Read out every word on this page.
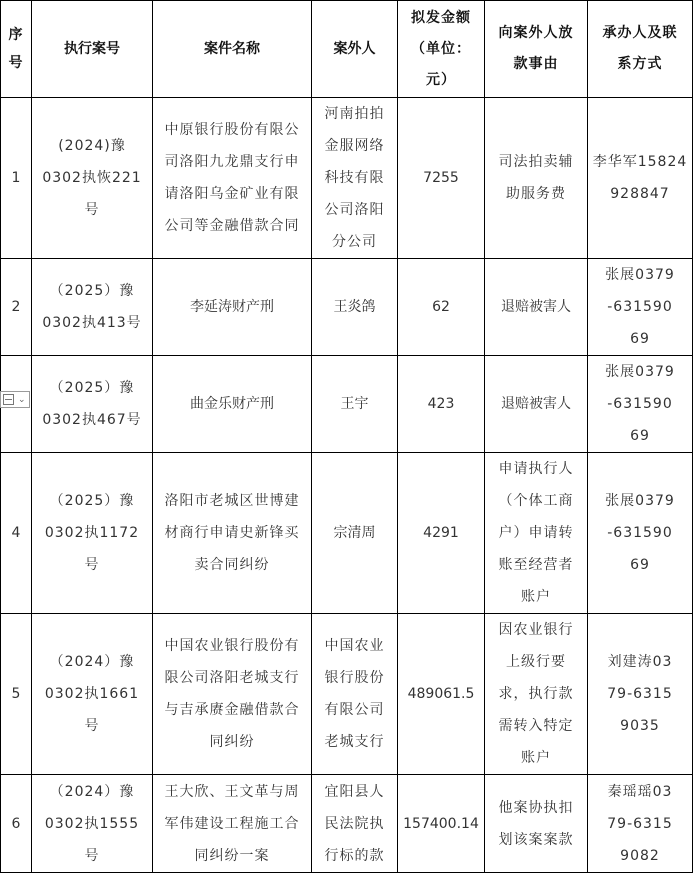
序号	执行案号	案件名称	案外人	拟发金额（单位：元）	向案外人放款事由	承办人及联系方式

1	(2024)豫0302执恢221号	中原银行股份有限公司洛阳九龙鼎支行申请洛阳乌金矿业有限公司等金融借款合同	河南拍拍金服网络科技有限公司洛阳分公司	7255	司法拍卖辅助服务费	李华军15824928847

2	（2025）豫0302执413号	李延涛财产刑	王炎鸽	62	退赔被害人	张展0379-63159069

	（2025）豫0302执467号	曲金乐财产刑	王宇	423	退赔被害人	张展0379-63159069

4	（2025）豫0302执1172号	洛阳市老城区世博建材商行申请史新锋买卖合同纠纷	宗清周	4291	申请执行人（个体工商户）申请转账至经营者账户	张展0379-63159069

5	（2024）豫0302执1661号	中国农业银行股份有限公司洛阳老城支行与吉承赓金融借款合同纠纷	中国农业银行股份有限公司老城支行	489061.5	因农业银行上级行要求，执行款需转入特定账户	刘建涛0379-63159035

6	（2024）豫0302执1555号	王大欣、王文革与周军伟建设工程施工合同纠纷一案	宜阳县人民法院执行标的款	157400.14	他案协执扣划该案案款	秦瑶瑶0379-63159082
⌄
